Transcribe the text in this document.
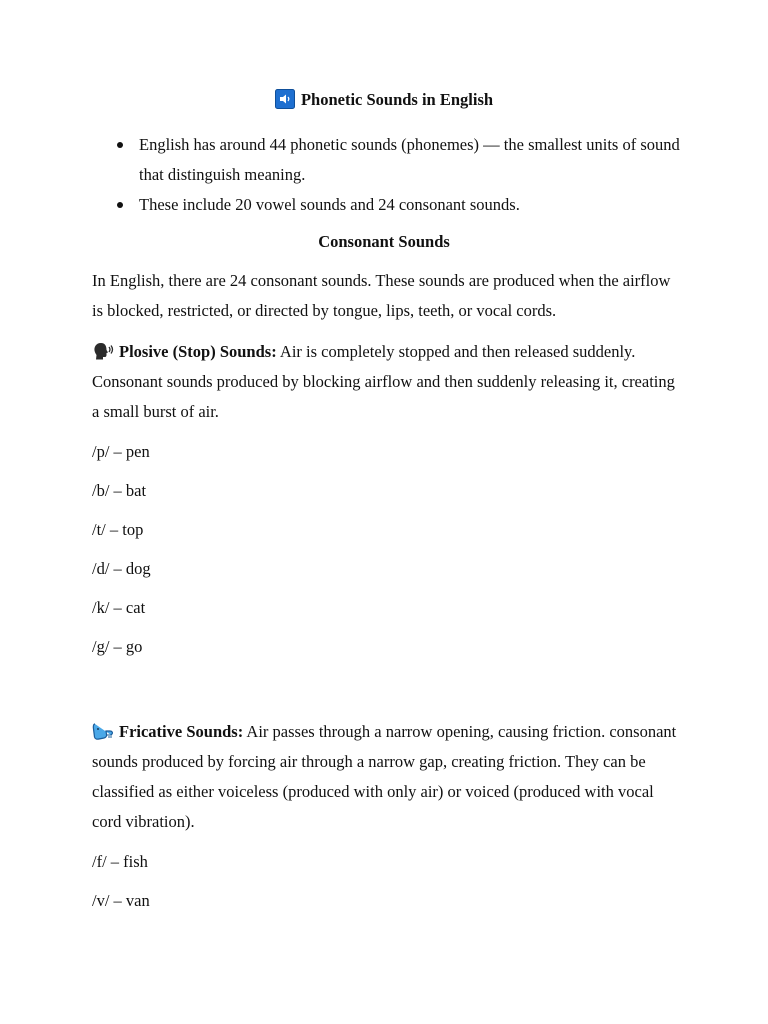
Phonetic Sounds in English
English has around 44 phonetic sounds (phonemes) — the smallest units of sound that distinguish meaning.
These include 20 vowel sounds and 24 consonant sounds.
Consonant Sounds

In English, there are 24 consonant sounds. These sounds are produced when the airflow is blocked, restricted, or directed by tongue, lips, teeth, or vocal cords.

Plosive (Stop) Sounds: Air is completely stopped and then released suddenly. Consonant sounds produced by blocking airflow and then suddenly releasing it, creating a small burst of air.

/p/ – pen
/b/ – bat
/t/ – top
/d/ – dog
/k/ – cat
/g/ – go

Fricative Sounds: Air passes through a narrow opening, causing friction. consonant sounds produced by forcing air through a narrow gap, creating friction. They can be classified as either voiceless (produced with only air) or voiced (produced with vocal cord vibration).

/f/ – fish
/v/ – van
